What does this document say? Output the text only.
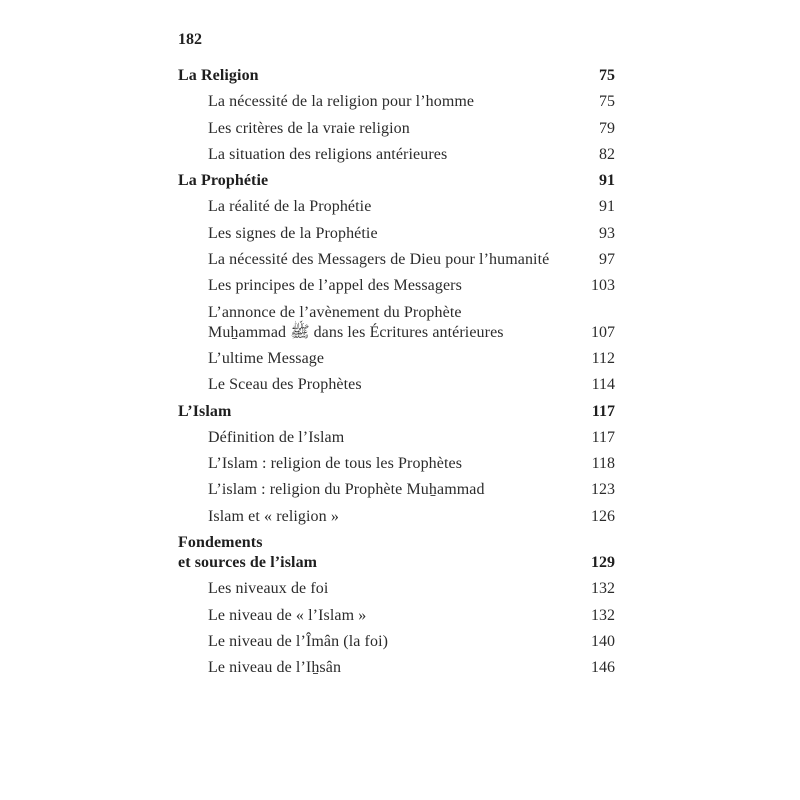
182
La Religion	75
La nécessité de la religion pour l’homme	75
Les critères de la vraie religion	79
La situation des religions antérieures	82
La Prophétie	91
La réalité de la Prophétie	91
Les signes de la Prophétie	93
La nécessité des Messagers de Dieu pour l’humanité	97
Les principes de l’appel des Messagers	103
L’annonce de l’avènement du Prophète
Muẖammad ﷺ dans les Écritures antérieures	107
L’ultime Message	112
Le Sceau des Prophètes	114
L’Islam	117
Définition de l’Islam	117
L’Islam : religion de tous les Prophètes	118
L’islam : religion du Prophète Muẖammad	123
Islam et « religion »	126
Fondements
et sources de l’islam	129
Les niveaux de foi	132
Le niveau de « l’Islam »	132
Le niveau de l’Îmân (la foi)	140
Le niveau de l’Iẖsân	146
